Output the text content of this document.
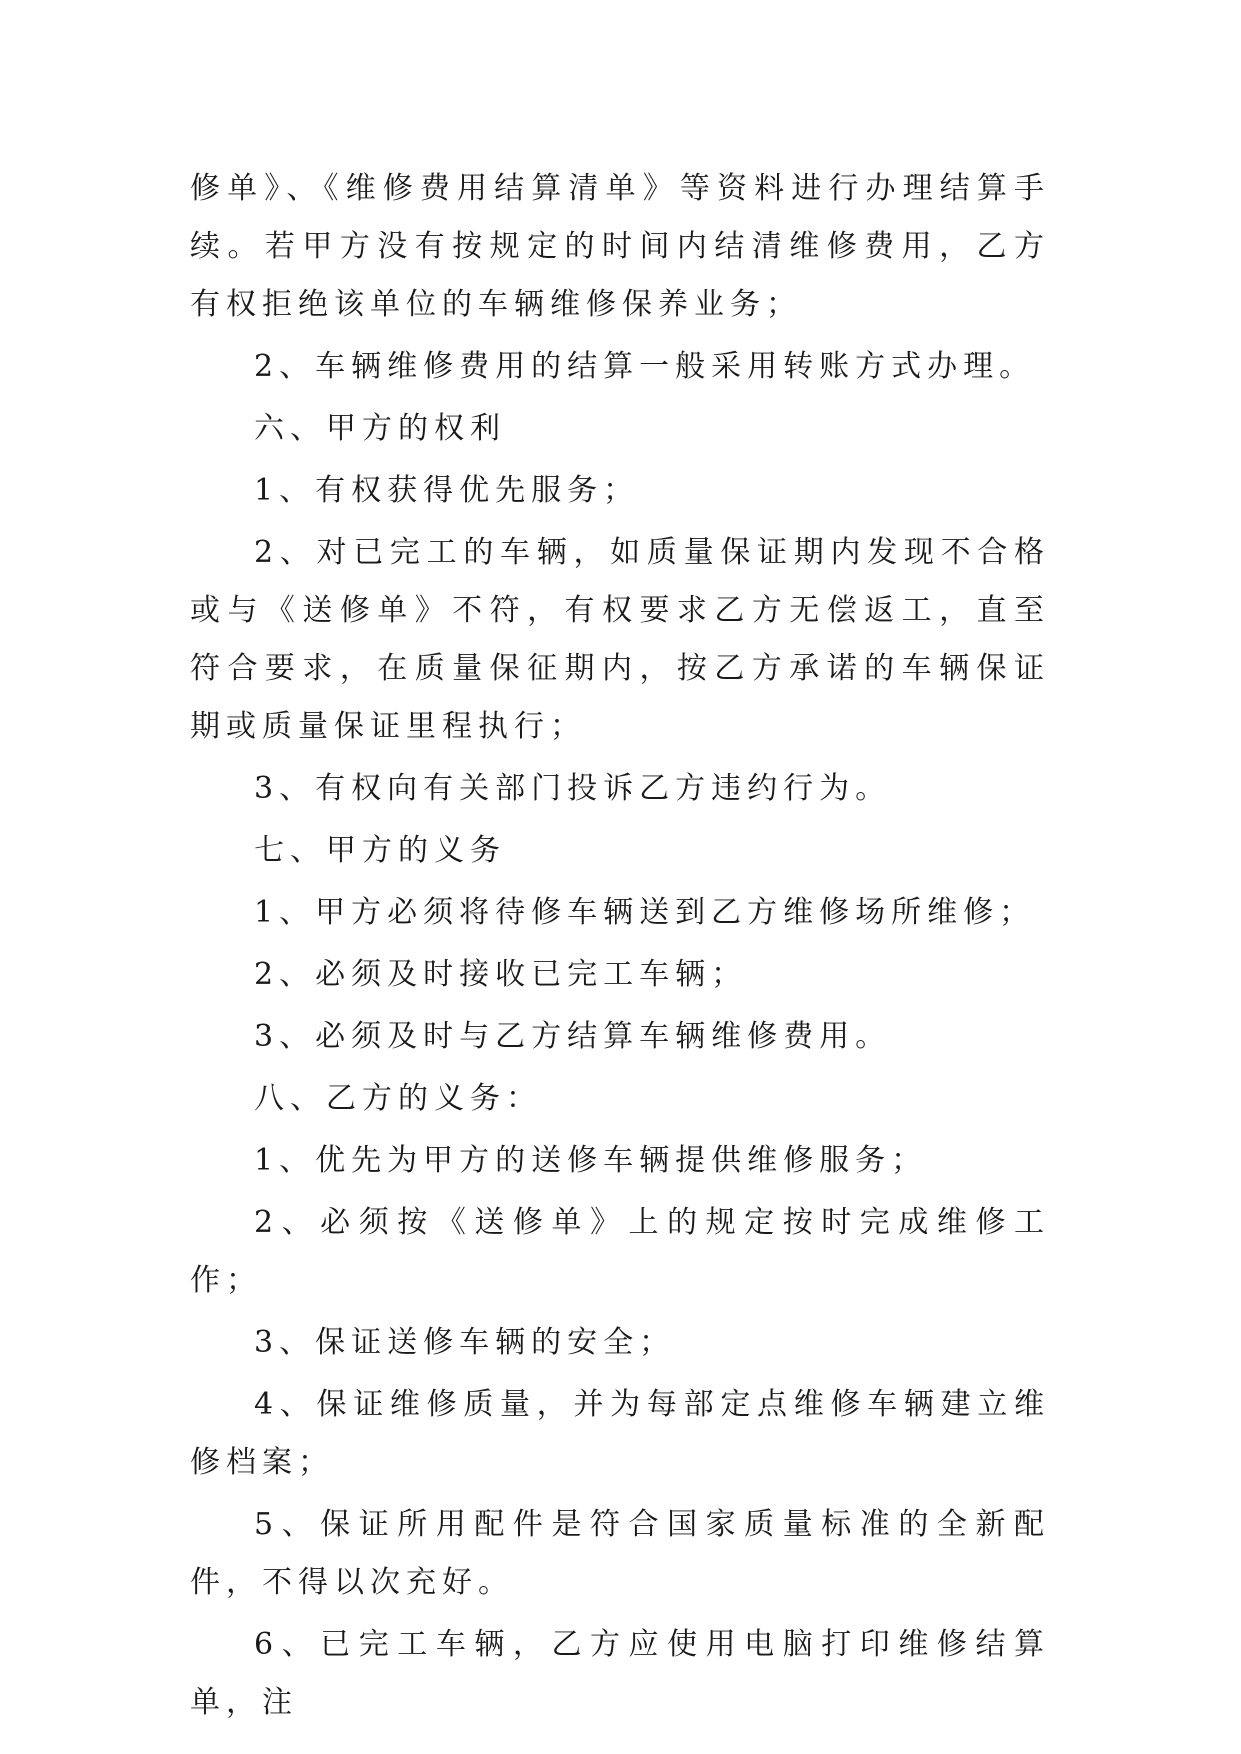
修单》、《维修费用结算清单》等资料进行办理结算手续。若甲方没有按规定的时间内结清维修费用，乙方有权拒绝该单位的车辆维修保养业务；

2、车辆维修费用的结算一般采用转账方式办理。

六、甲方的权利

1、有权获得优先服务；

2、对已完工的车辆，如质量保证期内发现不合格或与《送修单》不符，有权要求乙方无偿返工，直至符合要求，在质量保征期内，按乙方承诺的车辆保证期或质量保证里程执行；

3、有权向有关部门投诉乙方违约行为。

七、甲方的义务

1、甲方必须将待修车辆送到乙方维修场所维修；

2、必须及时接收已完工车辆；

3、必须及时与乙方结算车辆维修费用。

八、乙方的义务：

1、优先为甲方的送修车辆提供维修服务；

2、必须按《送修单》上的规定按时完成维修工作；

3、保证送修车辆的安全；

4、保证维修质量，并为每部定点维修车辆建立维修档案；

5、保证所用配件是符合国家质量标准的全新配件，不得以次充好。

6、已完工车辆，乙方应使用电脑打印维修结算单，注
